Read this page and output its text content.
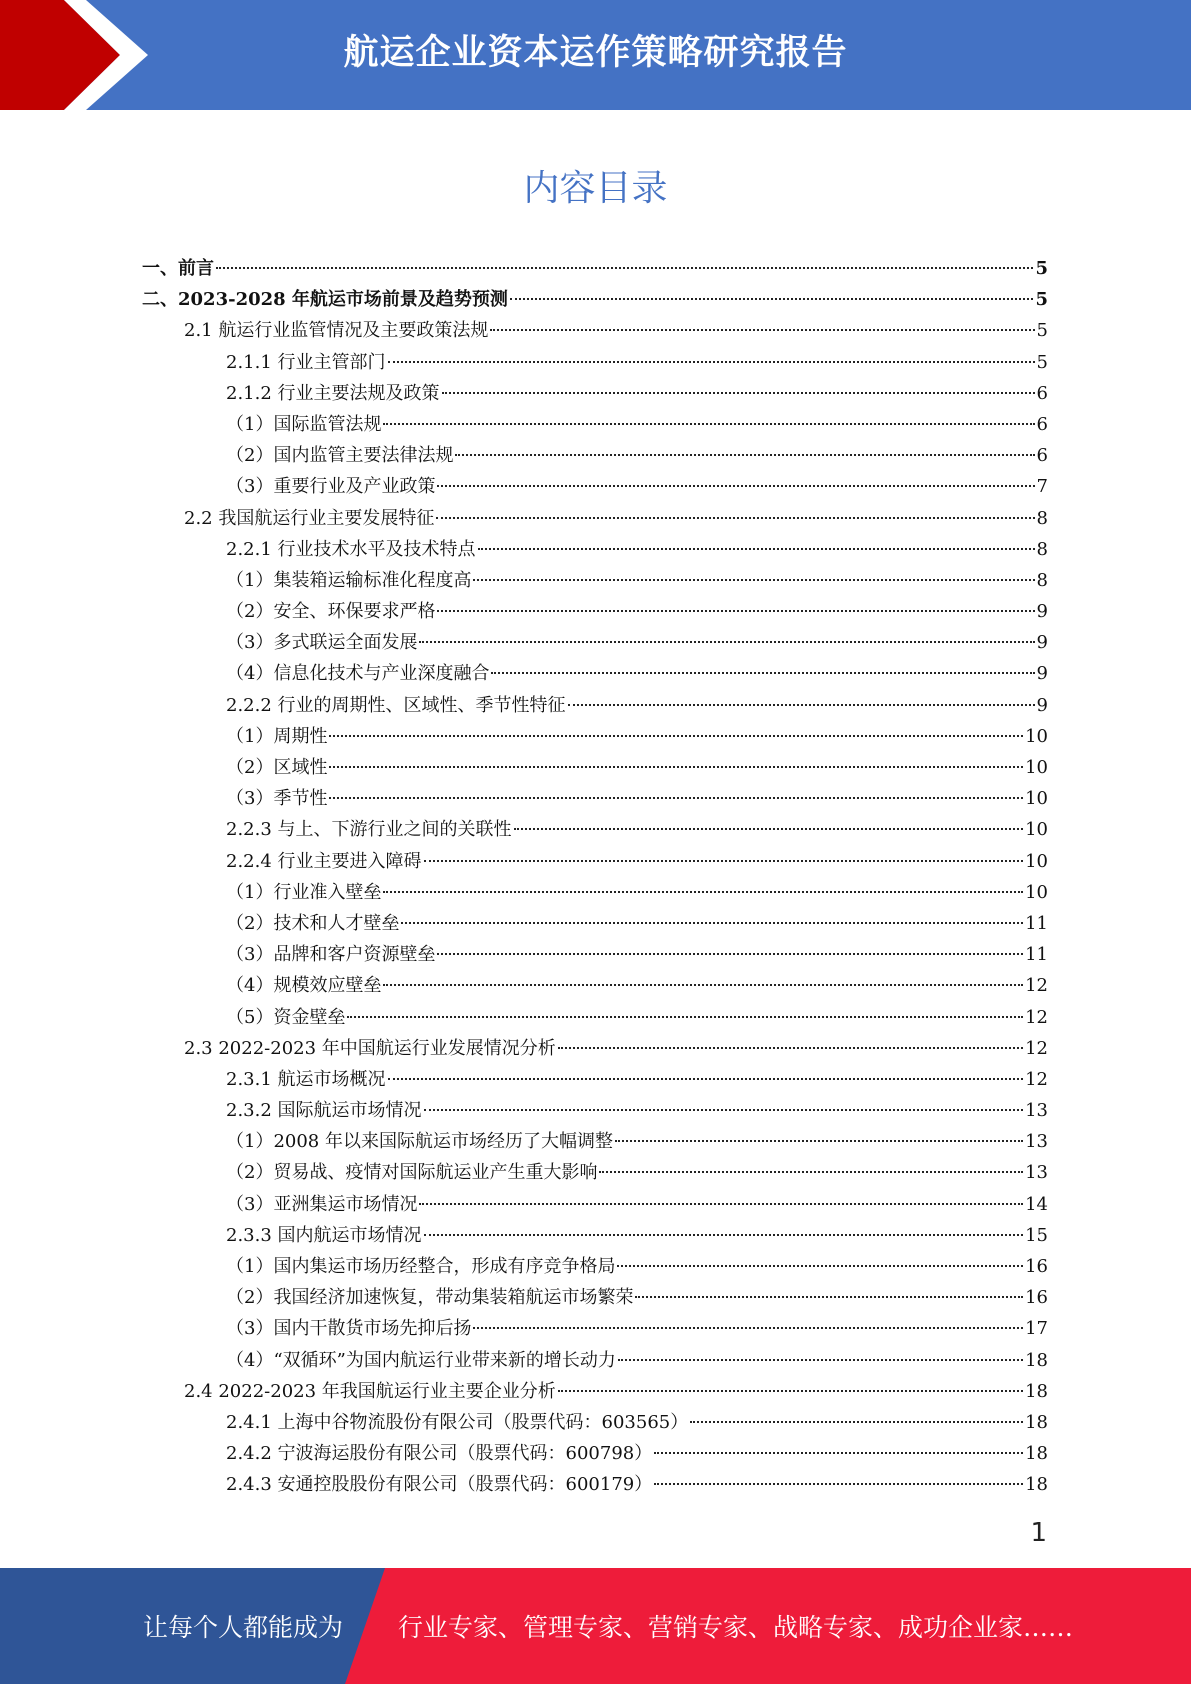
航运企业资本运作策略研究报告
内容目录
一、前言	5
二、2023-2028 年航运市场前景及趋势预测	5
2.1 航运行业监管情况及主要政策法规	5
2.1.1 行业主管部门	5
2.1.2 行业主要法规及政策	6
（1）国际监管法规	6
（2）国内监管主要法律法规	6
（3）重要行业及产业政策	7
2.2 我国航运行业主要发展特征	8
2.2.1 行业技术水平及技术特点	8
（1）集装箱运输标准化程度高	8
（2）安全、环保要求严格	9
（3）多式联运全面发展	9
（4）信息化技术与产业深度融合	9
2.2.2 行业的周期性、区域性、季节性特征	9
（1）周期性	10
（2）区域性	10
（3）季节性	10
2.2.3 与上、下游行业之间的关联性	10
2.2.4 行业主要进入障碍	10
（1）行业准入壁垒	10
（2）技术和人才壁垒	11
（3）品牌和客户资源壁垒	11
（4）规模效应壁垒	12
（5）资金壁垒	12
2.3 2022-2023 年中国航运行业发展情况分析	12
2.3.1 航运市场概况	12
2.3.2 国际航运市场情况	13
（1）2008 年以来国际航运市场经历了大幅调整	13
（2）贸易战、疫情对国际航运业产生重大影响	13
（3）亚洲集运市场情况	14
2.3.3 国内航运市场情况	15
（1）国内集运市场历经整合，形成有序竞争格局	16
（2）我国经济加速恢复，带动集装箱航运市场繁荣	16
（3）国内干散货市场先抑后扬	17
（4）“双循环”为国内航运行业带来新的增长动力	18
2.4 2022-2023 年我国航运行业主要企业分析	18
2.4.1 上海中谷物流股份有限公司（股票代码：603565）	18
2.4.2 宁波海运股份有限公司（股票代码：600798）	18
2.4.3 安通控股股份有限公司（股票代码：600179）	18
1
让每个人都能成为 行业专家、管理专家、营销专家、战略专家、成功企业家……
